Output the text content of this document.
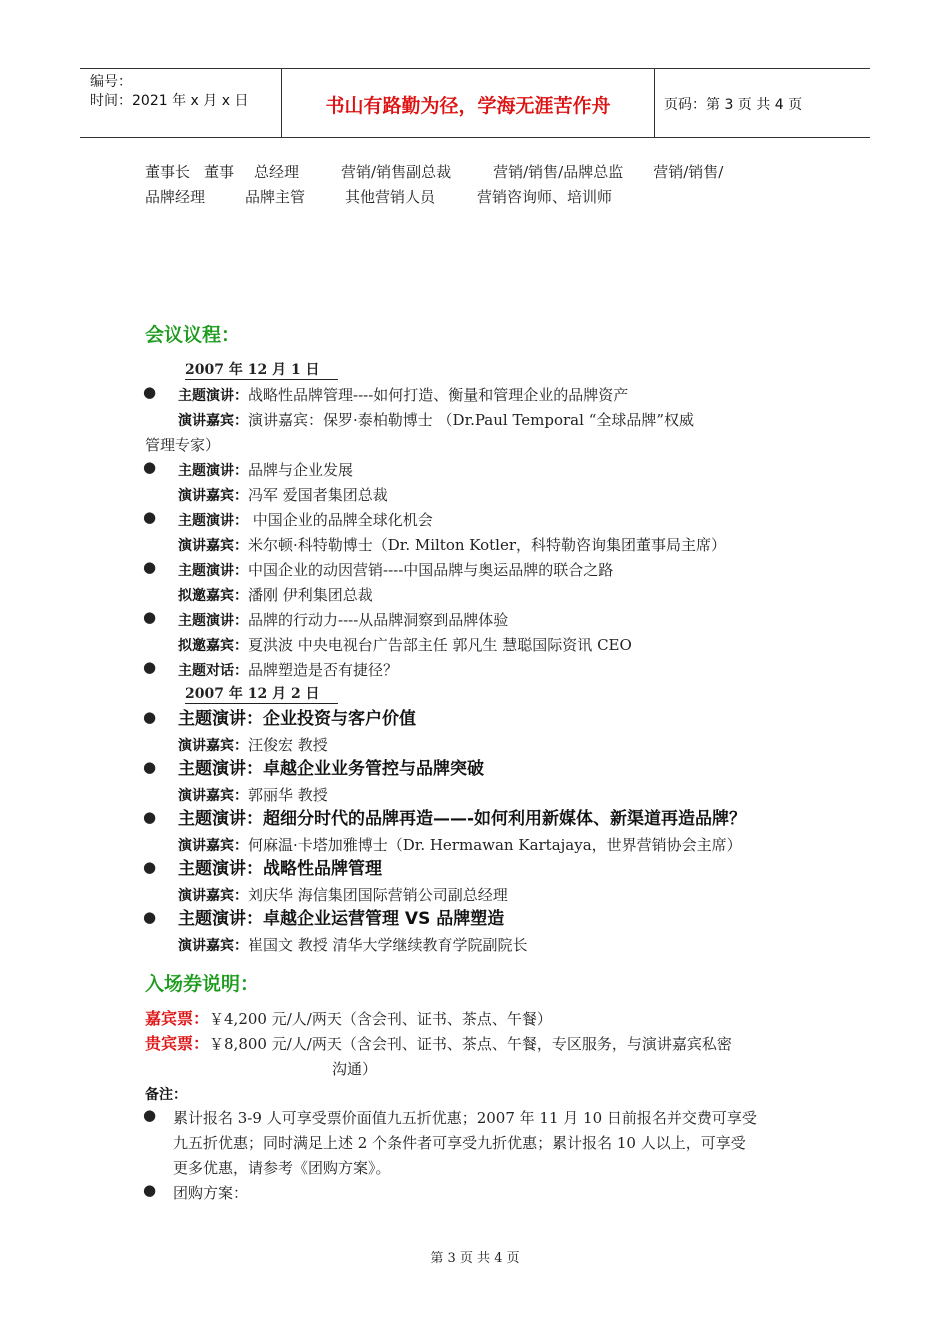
编号：
时间：2021 年 x 月 x 日	书山有路勤为径，学海无涯苦作舟	页码：第 3 页 共 4 页
董事长 董事 总经理	营销/销售副总裁	营销/销售/品牌总监 营销/销售/
品牌经理	品牌主管	其他营销人员	营销咨询师、培训师
会议议程：
2007 年 12 月 1 日
● 主题演讲：战略性品牌管理----如何打造、衡量和管理企业的品牌资产
演讲嘉宾：演讲嘉宾：保罗·泰柏勒博士 （Dr.Paul Temporal “全球品牌”权威
管理专家）
● 主题演讲：品牌与企业发展
演讲嘉宾：冯军 爱国者集团总裁
● 主题演讲： 中国企业的品牌全球化机会
演讲嘉宾：米尔顿·科特勒博士（Dr. Milton Kotler，科特勒咨询集团董事局主席）
● 主题演讲：中国企业的动因营销----中国品牌与奥运品牌的联合之路
拟邀嘉宾：潘刚 伊利集团总裁
● 主题演讲：品牌的行动力----从品牌洞察到品牌体验
拟邀嘉宾：夏洪波 中央电视台广告部主任 郭凡生 慧聪国际资讯 CEO
● 主题对话：品牌塑造是否有捷径？
2007 年 12 月 2 日
● 主题演讲：企业投资与客户价值
演讲嘉宾：汪俊宏 教授
● 主题演讲：卓越企业业务管控与品牌突破
演讲嘉宾：郭丽华 教授
● 主题演讲：超细分时代的品牌再造——-如何利用新媒体、新渠道再造品牌？
演讲嘉宾：何麻温·卡塔加雅博士（Dr. Hermawan Kartajaya，世界营销协会主席）
● 主题演讲：战略性品牌管理
演讲嘉宾：刘庆华 海信集团国际营销公司副总经理
● 主题演讲：卓越企业运营管理 VS 品牌塑造
演讲嘉宾：崔国文 教授 清华大学继续教育学院副院长
入场券说明：
嘉宾票：￥4,200 元/人/两天（含会刊、证书、茶点、午餐）
贵宾票：￥8,800 元/人/两天（含会刊、证书、茶点、午餐，专区服务，与演讲嘉宾私密
沟通）
备注：
● 累计报名 3-9 人可享受票价面值九五折优惠；2007 年 11 月 10 日前报名并交费可享受
九五折优惠；同时满足上述 2 个条件者可享受九折优惠；累计报名 10 人以上，可享受
更多优惠，请参考《团购方案》。
● 团购方案：
第 3 页 共 4 页
